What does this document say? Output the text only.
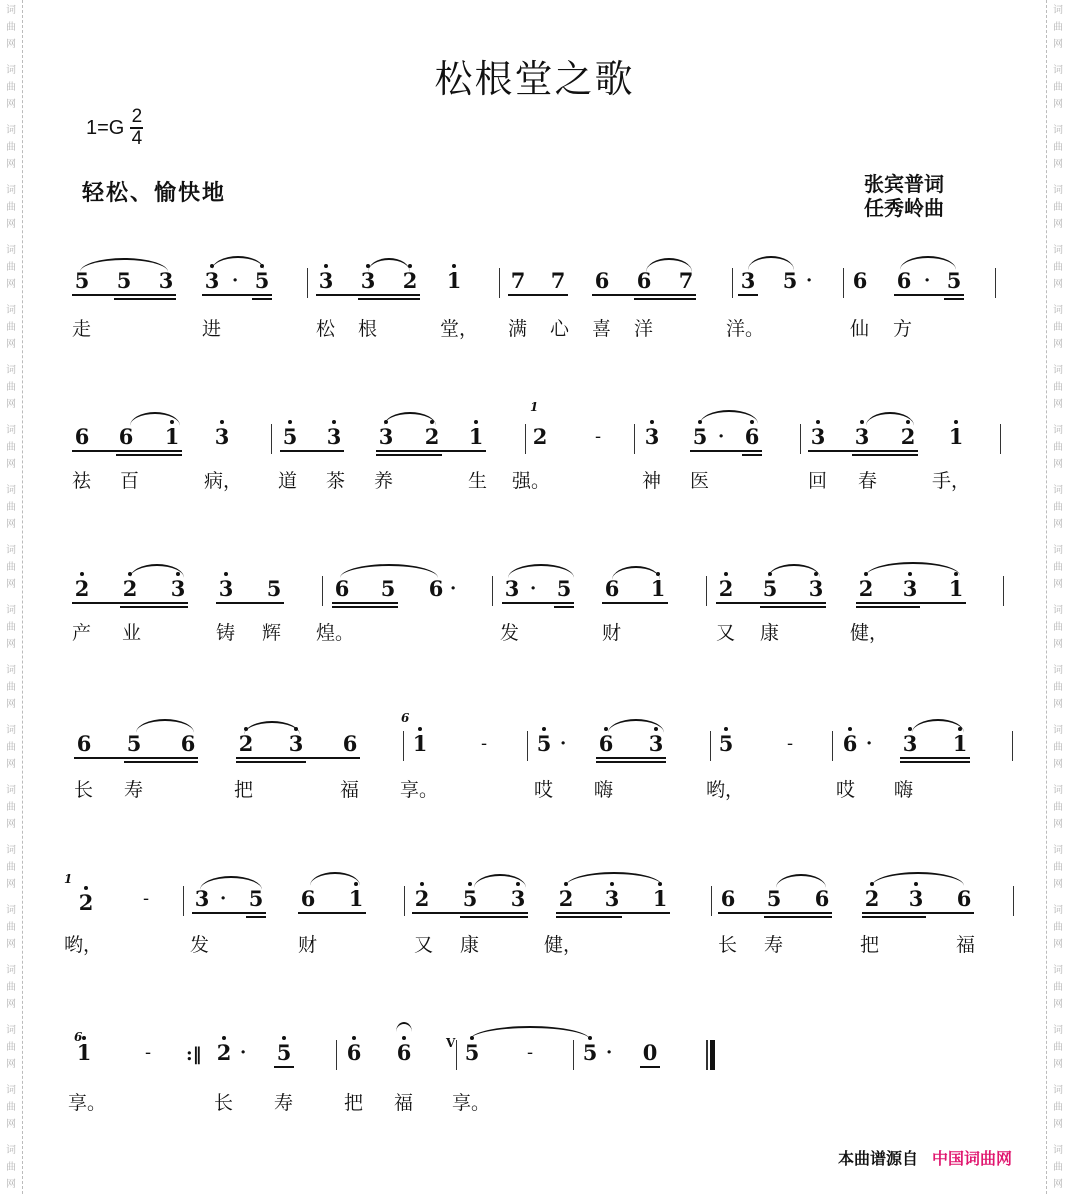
词
曲
网
词
曲
网
词
曲
网
词
曲
网
词
曲
网
词
曲
网
词
曲
网
词
曲
网
词
曲
网
词
曲
网
词
曲
网
词
曲
网
词
曲
网
词
曲
网
词
曲
网
词
曲
网
词
曲
网
词
曲
网
词
曲
网
词
曲
网
词
曲
网
词
曲
网
词
曲
网
词
曲
网
词
曲
网
词
曲
网
词
曲
网
词
曲
网
词
曲
网
词
曲
网
词
曲
网
词
曲
网
词
曲
网
词
曲
网
词
曲
网
词
曲
网
词
曲
网
词
曲
网
词
曲
网
词
曲
网
松根堂之歌
$1=G \frac{2}{4}$
轻松、愉快地	张宾普词
任秀岭曲
5 5 3 3 · 5 3 3 2 1 7 7 6 6 7 3 5 · 6 6 · 5
走	进	松 根	堂， 满 心 喜 洋	洋。	仙 方
6 6 1 3	5 3 3 2 1
1
2	- 3 5 · 6 3 3 2 1
祛 百	病， 道 茶 养	生 强。	神 医	回 春	手，
2 2 3 3 5	6 5 6 · 3 · 5 6 1	2 5 3 2 3 1
产 业	铸 辉 煌。	发	财	又 康	健，
6 5 6 2 3 6
6
1	- 5 · 6 3	5	- 6 · 3 1
长 寿	把	福 享。	哎 嗨	哟，	哎 嗨
1
2	- 3 · 5 6 1 2 5 3 2 3 1	6 5 6 2 3 6
哟，	发	财	又 康	健，	长 寿	把	福
6
1	- :‖ 2 · 5	6 6	V 5	- 5 · 0
享。	长 寿	把 福 享。
本曲谱源自 中国词曲网
